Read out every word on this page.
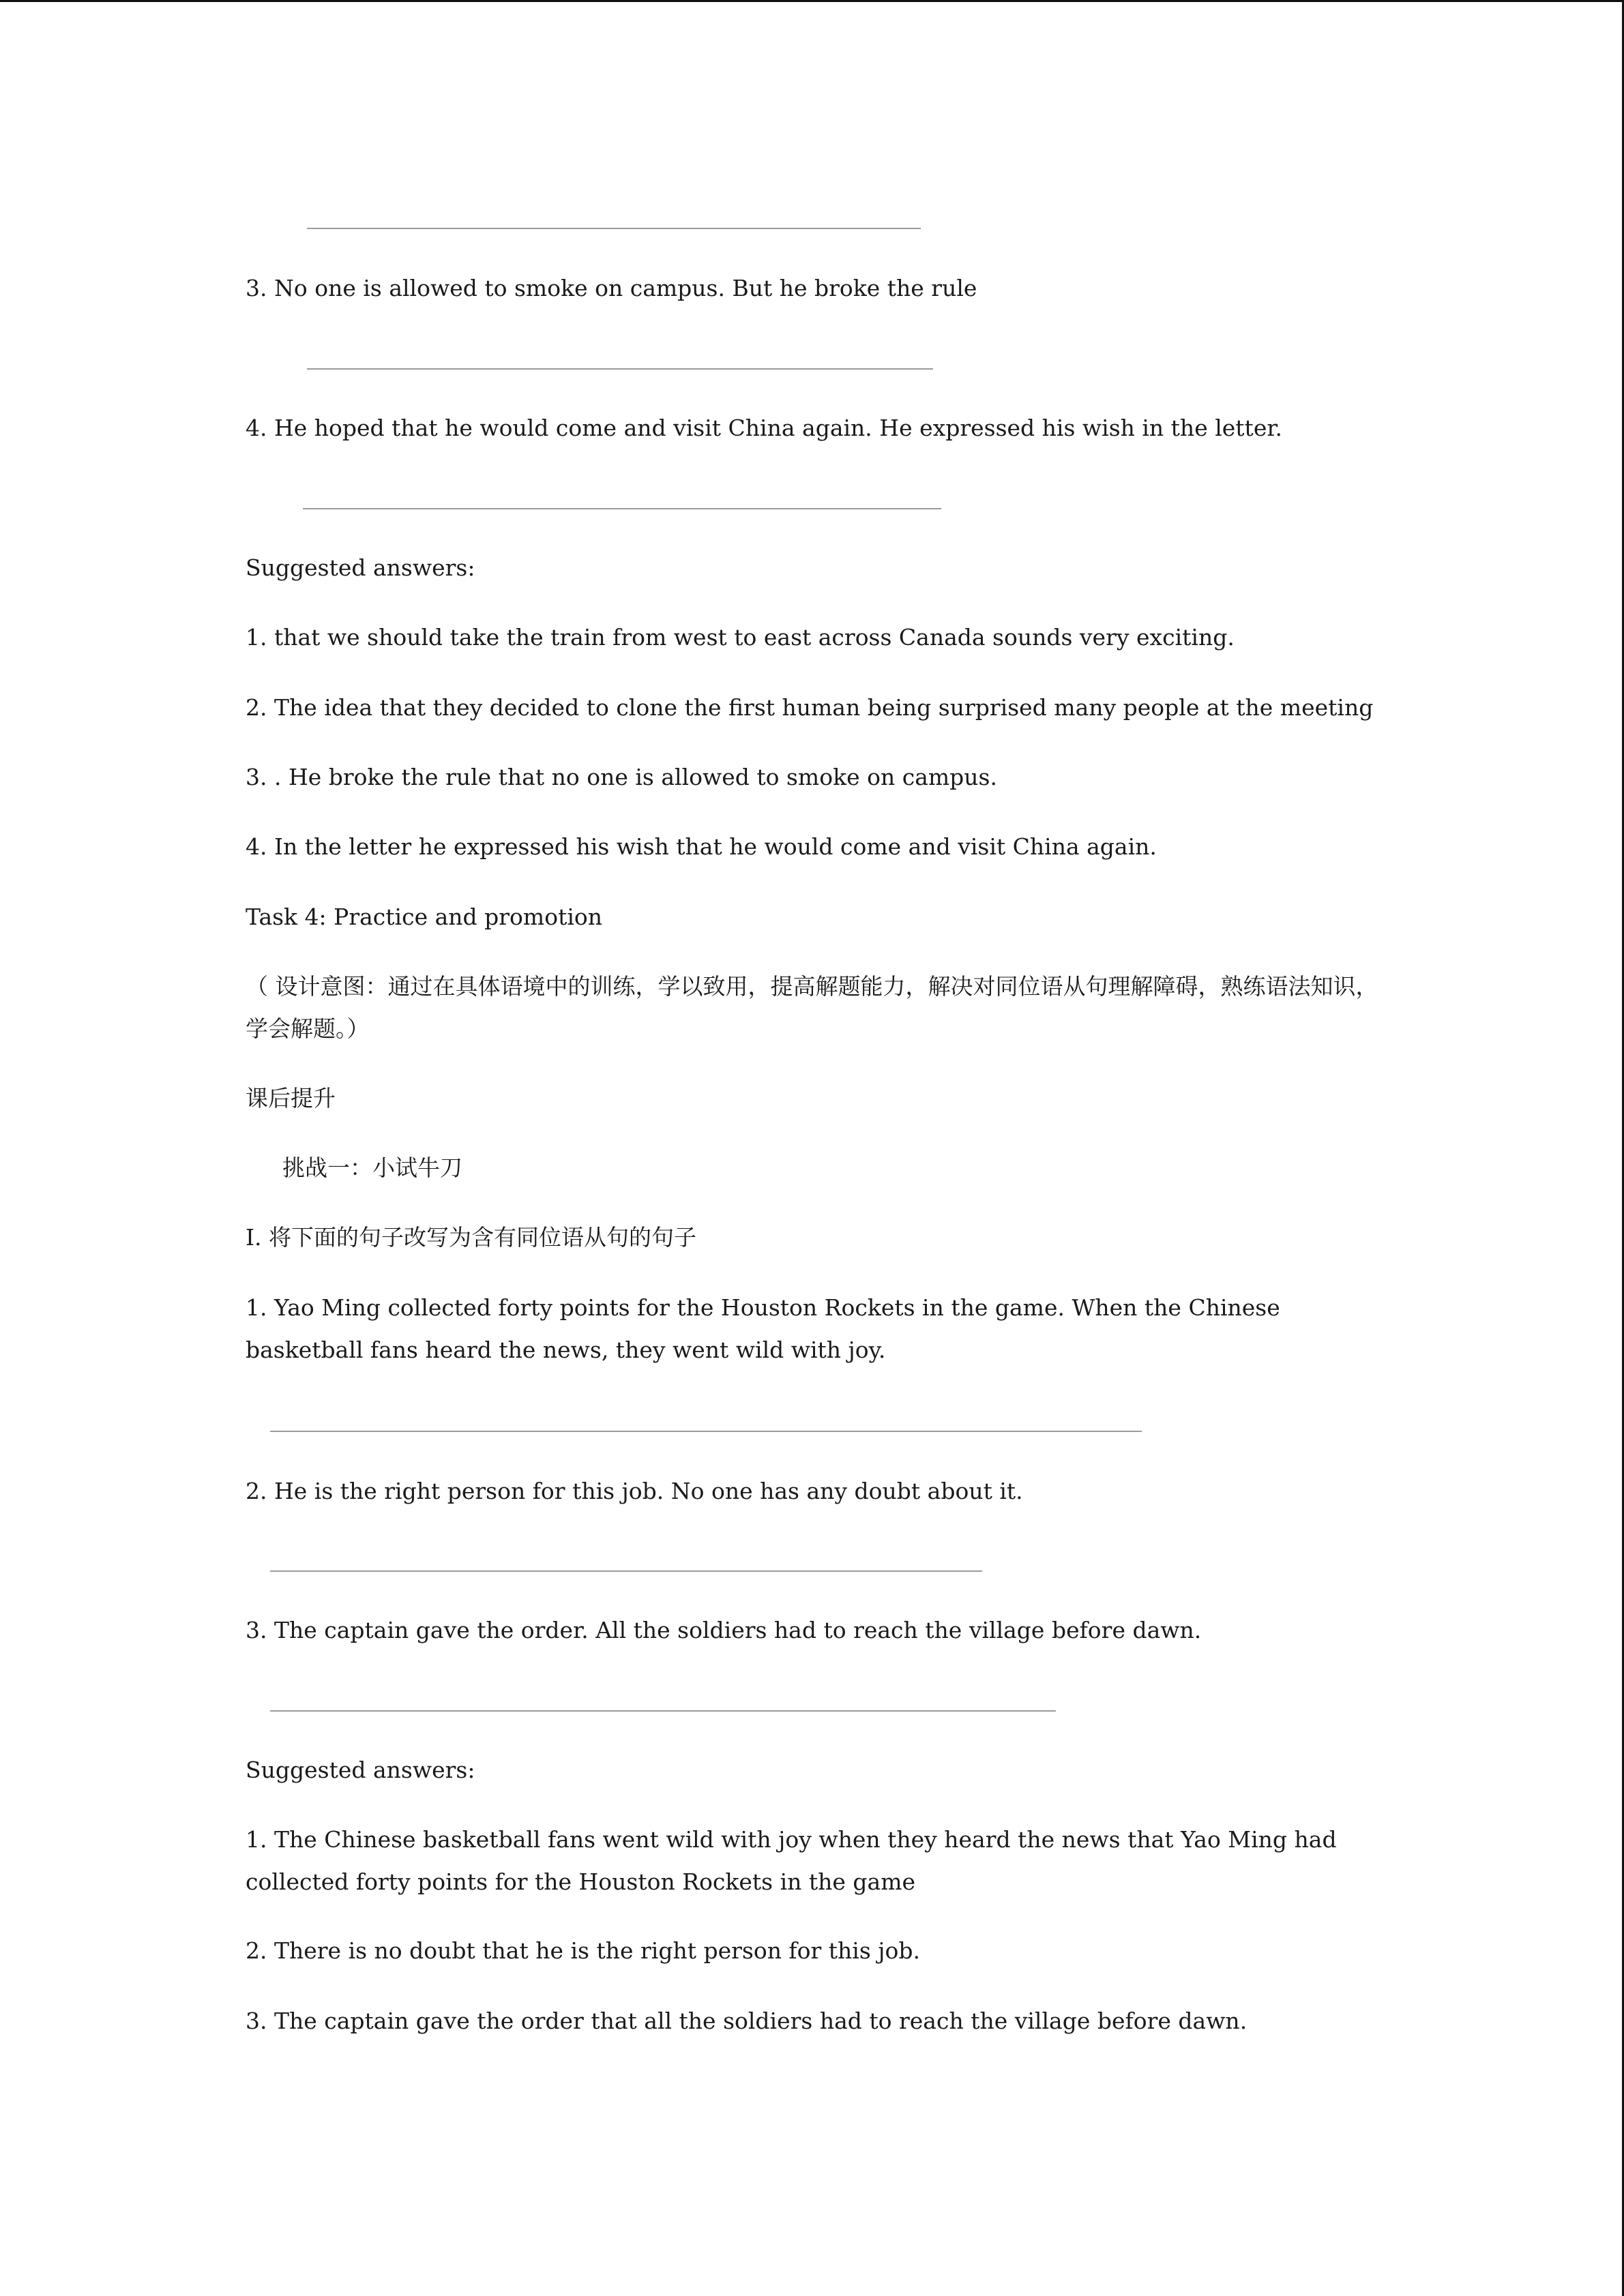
3. No one is allowed to smoke on campus. But he broke the rule

4. He hoped that he would come and visit China again. He expressed his wish in the letter.

Suggested answers:

1. that we should take the train from west to east across Canada sounds very exciting.

2. The idea that they decided to clone the first human being surprised many people at the meeting

3. . He broke the rule that no one is allowed to smoke on campus.

4. In the letter he expressed his wish that he would come and visit China again.

Task 4: Practice and promotion

（ 设计意图：通过在具体语境中的训练，学以致用，提高解题能力，解决对同位语从句理解障碍，熟练语法知识，学会解题。）

课后提升

挑战一：小试牛刀

I. 将下面的句子改写为含有同位语从句的句子

1. Yao Ming collected forty points for the Houston Rockets in the game. When the Chinese basketball fans heard the news, they went wild with joy.

2. He is the right person for this job. No one has any doubt about it.

3. The captain gave the order. All the soldiers had to reach the village before dawn.

Suggested answers:

1. The Chinese basketball fans went wild with joy when they heard the news that Yao Ming had collected forty points for the Houston Rockets in the game

2. There is no doubt that he is the right person for this job.

3. The captain gave the order that all the soldiers had to reach the village before dawn.
